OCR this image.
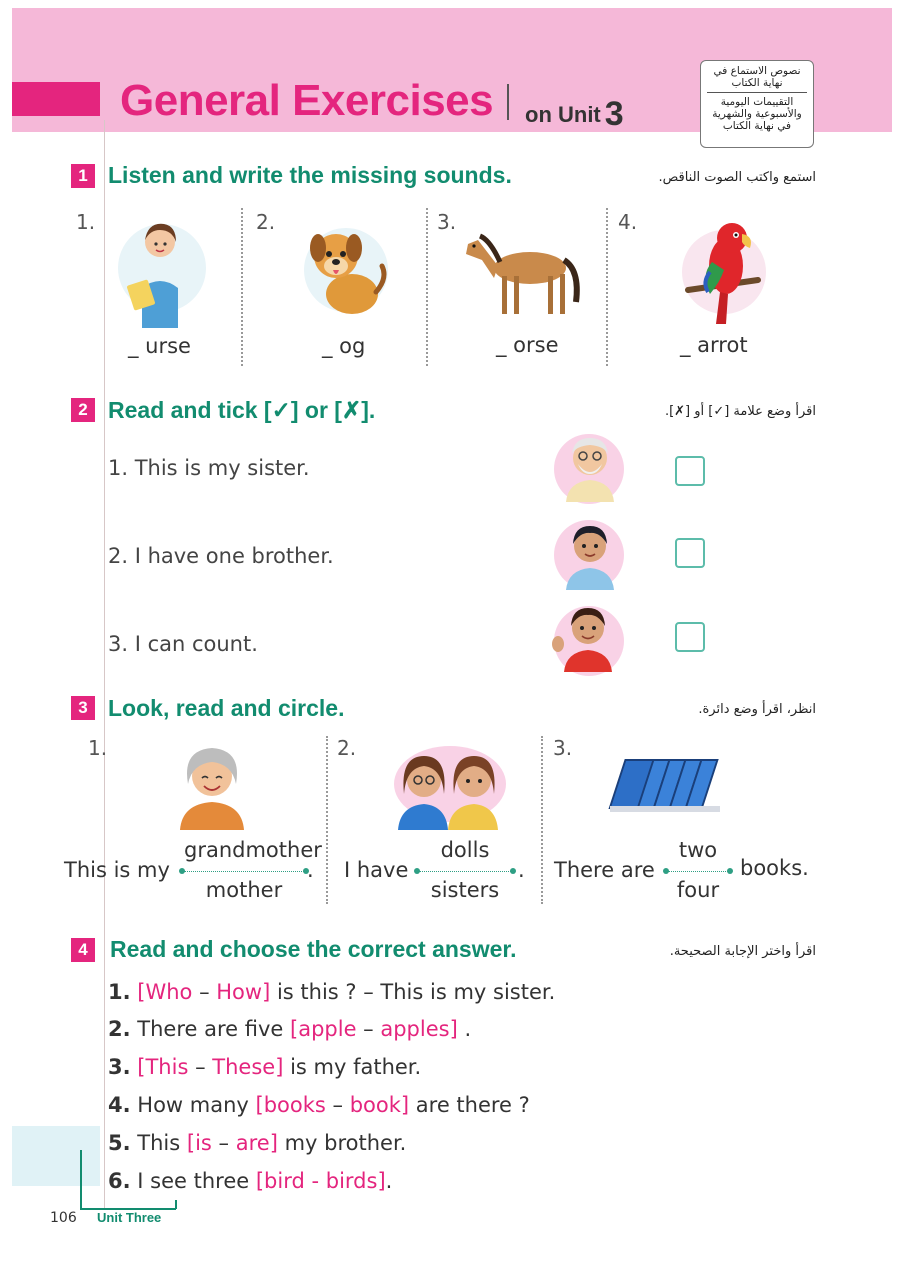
General Exercises on Unit 3
نصوص الاستماع في نهاية الكتاب
التقييمات اليومية والأسبوعية والشهرية في نهاية الكتاب
1 Listen and write the missing sounds.	استمع واكتب الصوت الناقص.
1.	2.	3.	4.
_ urse	_ og	_ orse	_ arrot
2 Read and tick [✓] or [✗].	اقرأ وضع علامة [✓] أو [✗].
1. This is my sister.
2. I have one brother.
3. I can count.
3 Look, read and circle.	انظر، اقرأ وضع دائرة.
1.	2.	3.
This is my
grandmother
mother
. I have
dolls
sisters
. There are
two
four
books.
4 Read and choose the correct answer.	اقرأ واختر الإجابة الصحيحة.
1. [Who – How] is this ? – This is my sister.
2. There are five [apple – apples] .
3. [This – These] is my father.
4. How many [books – book] are there ?
5. This [is – are] my brother.
6. I see three [bird - birds].
106 Unit Three
